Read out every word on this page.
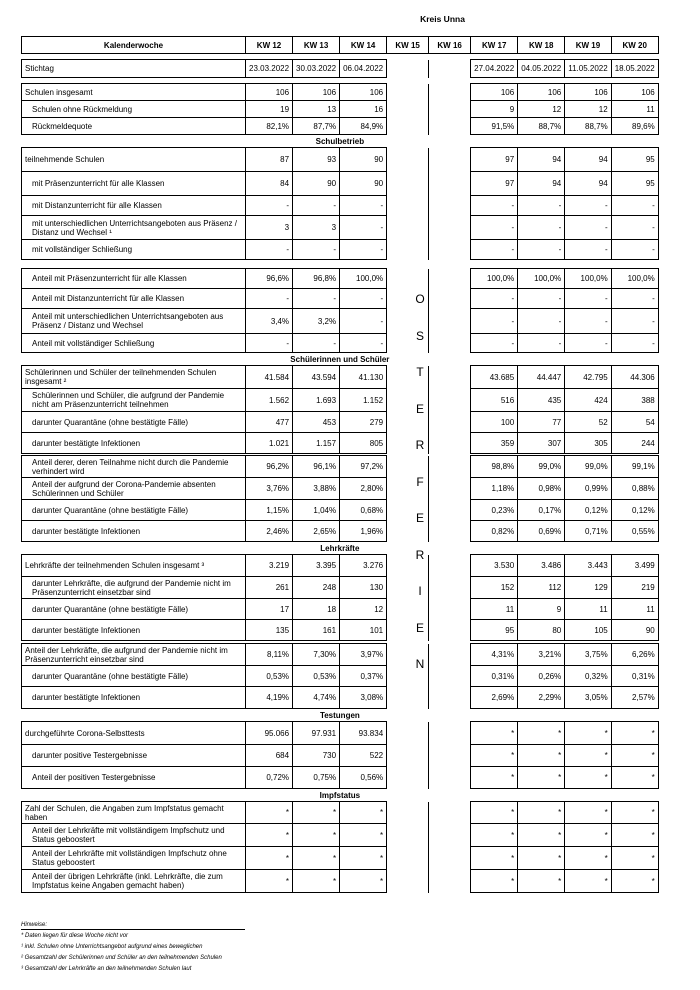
Kreis Unna
Kalenderwoche	KW 12	KW 13	KW 14	KW 15	KW 16	KW 17	KW 18	KW 19	KW 20

Stichtag	23.03.2022	30.03.2022	06.04.2022			27.04.2022	04.05.2022	11.05.2022	18.05.2022

Schulen insgesamt	106	106	106			106	106	106	106
Schulen ohne Rückmeldung	19	13	16			9	12	12	11
Rückmeldequote	82,1%	87,7%	84,9%			91,5%	88,7%	88,7%	89,6%
Schulbetrieb									
teilnehmende Schulen	87	93	90			97	94	94	95
mit Präsenzunterricht für alle Klassen	84	90	90			97	94	94	95
mit Distanzunterricht für alle Klassen	-	-	-			-	-	-	-
mit unterschiedlichen Unterrichtsangeboten aus Präsenz / Distanz und Wechsel ¹	3	3	-			-	-	-	-
mit vollständiger Schließung	-	-	-			-	-	-	-

Anteil mit Präsenzunterricht für alle Klassen	96,6%	96,8%	100,0%			100,0%	100,0%	100,0%	100,0%
Anteil mit Distanzunterricht für alle Klassen	-	-	-			-	-	-	-
Anteil mit unterschiedlichen Unterrichtsangeboten aus Präsenz / Distanz und Wechsel	3,4%	3,2%	-			-	-	-	-
Anteil mit vollständiger Schließung	-	-	-			-	-	-	-
Schülerinnen und Schüler									
Schülerinnen und Schüler der teilnehmenden Schulen insgesamt ²	41.584	43.594	41.130			43.685	44.447	42.795	44.306
Schülerinnen und Schüler, die aufgrund der Pandemie nicht am Präsenzunterricht teilnehmen	1.562	1.693	1.152			516	435	424	388
darunter Quarantäne (ohne bestätigte Fälle)	477	453	279			100	77	52	54
darunter bestätigte Infektionen	1.021	1.157	805			359	307	305	244

Anteil derer, deren Teilnahme nicht durch die Pandemie verhindert wird	96,2%	96,1%	97,2%			98,8%	99,0%	99,0%	99,1%
Anteil der aufgrund der Corona-Pandemie absenten Schülerinnen und Schüler	3,76%	3,88%	2,80%			1,18%	0,98%	0,99%	0,88%
darunter Quarantäne (ohne bestätigte Fälle)	1,15%	1,04%	0,68%			0,23%	0,17%	0,12%	0,12%
darunter bestätigte Infektionen	2,46%	2,65%	1,96%			0,82%	0,69%	0,71%	0,55%
Lehrkräfte									
Lehrkräfte der teilnehmenden Schulen insgesamt ³	3.219	3.395	3.276			3.530	3.486	3.443	3.499
darunter Lehrkräfte, die aufgrund der Pandemie nicht im Präsenzunterricht einsetzbar sind	261	248	130			152	112	129	219
darunter Quarantäne (ohne bestätigte Fälle)	17	18	12			11	9	11	11
darunter bestätigte Infektionen	135	161	101			95	80	105	90

Anteil der Lehrkräfte, die aufgrund der Pandemie nicht im Präsenzunterricht einsetzbar sind	8,11%	7,30%	3,97%			4,31%	3,21%	3,75%	6,26%
darunter Quarantäne (ohne bestätigte Fälle)	0,53%	0,53%	0,37%			0,31%	0,26%	0,32%	0,31%
darunter bestätigte Infektionen	4,19%	4,74%	3,08%			2,69%	2,29%	3,05%	2,57%
Testungen									
durchgeführte Corona-Selbsttests	95.066	97.931	93.834			*	*	*	*
darunter positive Testergebnisse	684	730	522			*	*	*	*
Anteil der positiven Testergebnisse	0,72%	0,75%	0,56%			*	*	*	*
Impfstatus									
Zahl der Schulen, die Angaben zum Impfstatus gemacht haben	*	*	*			*	*	*	*
Anteil der Lehrkräfte mit vollständigem Impfschutz und Status geboostert	*	*	*			*	*	*	*
Anteil der Lehrkräfte mit vollständigen Impfschutz ohne Status geboostert	*	*	*			*	*	*	*
Anteil der übrigen Lehrkräfte (inkl. Lehrkräfte, die zum Impfstatus keine Angaben gemacht haben)	*	*	*			*	*	*	*
O
S
T
E
R
F
E
R
I
E
N
Hinweise:
* Daten liegen für diese Woche nicht vor
¹ inkl. Schulen ohne Unterrichtsangebot aufgrund eines beweglichen
² Gesamtzahl der Schülerinnen und Schüler an den teilnehmenden Schulen
³ Gesamtzahl der Lehrkräfte an den teilnehmenden Schulen laut
